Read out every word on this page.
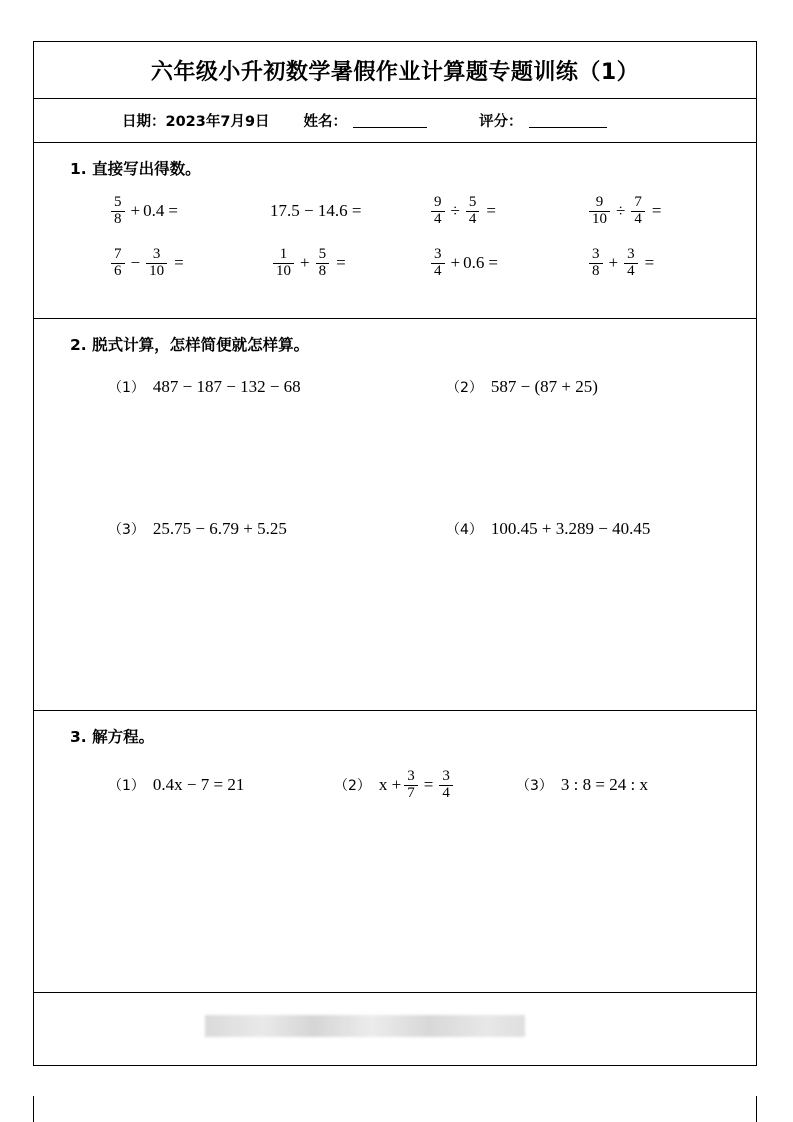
六年级小升初数学暑假作业计算题专题训练（1）
日期：2023年7月9日 姓名：	评分：
1. 直接写出得数。
$\frac{5}{8} + 0.4$ =	17.5 − 14.6 =	$\frac{9}{4} \div \frac{5}{4}$ =	$\frac{9}{10} \div \frac{7}{4}$ =
$\frac{7}{6} - \frac{3}{10}$ =	$\frac{1}{10} + \frac{5}{8}$ =	$\frac{3}{4} + 0.6$ =	$\frac{3}{8} + \frac{3}{4}$ =
2. 脱式计算，怎样简便就怎样算。
（1） 487 − 187 − 132 − 68	（2） 587 − (87 + 25)
（3） 25.75 − 6.79 + 5.25	（4） 100.45 + 3.289 − 40.45
3. 解方程。
（1） 0.4x − 7 = 21	（2） $x + \frac{3}{7} = \frac{3}{4}$	（3） 3 : 8 = 24 : x
